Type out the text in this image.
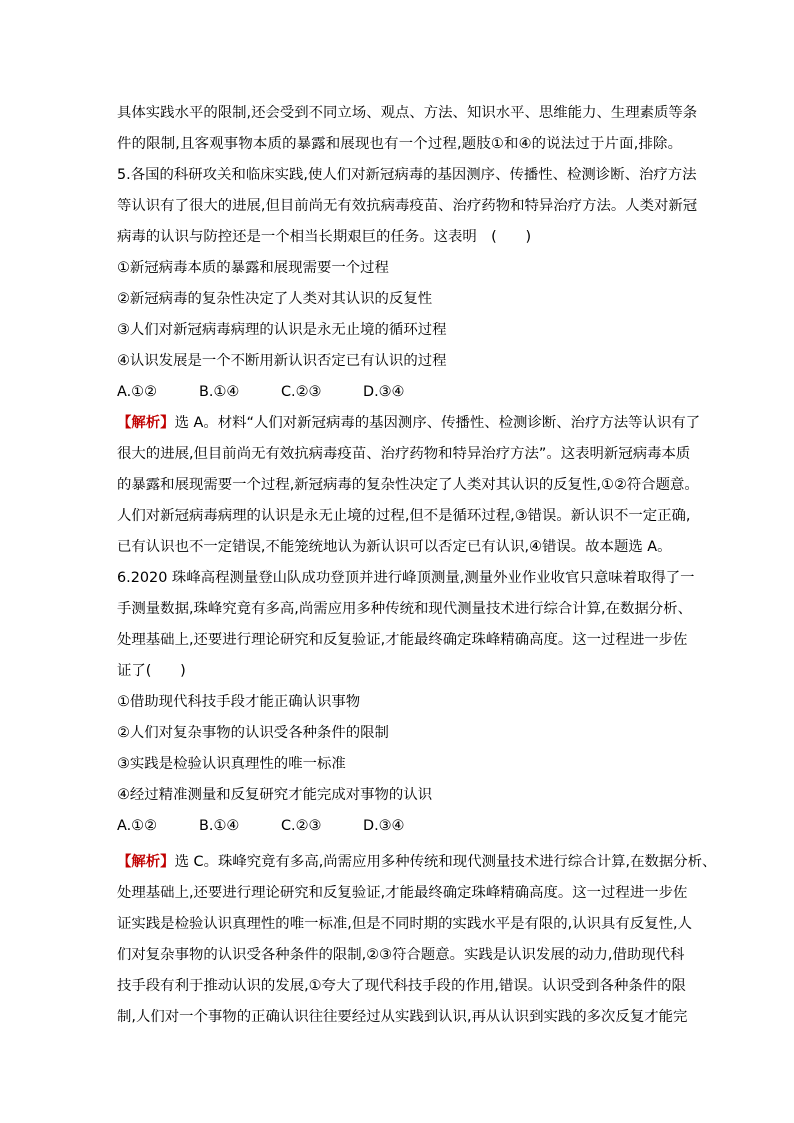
具体实践水平的限制,还会受到不同立场、观点、方法、知识水平、思维能力、生理素质等条
件的限制,且客观事物本质的暴露和展现也有一个过程,题肢①和④的说法过于片面,排除。
5.各国的科研攻关和临床实践,使人们对新冠病毒的基因测序、传播性、检测诊断、治疗方法
等认识有了很大的进展,但目前尚无有效抗病毒疫苗、治疗药物和特异治疗方法。人类对新冠
病毒的认识与防控还是一个相当长期艰巨的任务。这表明　(　　)
①新冠病毒本质的暴露和展现需要一个过程
②新冠病毒的复杂性决定了人类对其认识的反复性
③人们对新冠病毒病理的认识是永无止境的循环过程
④认识发展是一个不断用新认识否定已有认识的过程
A.①②	B.①④	C.②③	D.③④
【解析】选 A。材料“人们对新冠病毒的基因测序、传播性、检测诊断、治疗方法等认识有了
很大的进展,但目前尚无有效抗病毒疫苗、治疗药物和特异治疗方法”。这表明新冠病毒本质
的暴露和展现需要一个过程,新冠病毒的复杂性决定了人类对其认识的反复性,①②符合题意。
人们对新冠病毒病理的认识是永无止境的过程,但不是循环过程,③错误。新认识不一定正确,
已有认识也不一定错误,不能笼统地认为新认识可以否定已有认识,④错误。故本题选 A。
6.2020 珠峰高程测量登山队成功登顶并进行峰顶测量,测量外业作业收官只意味着取得了一
手测量数据,珠峰究竟有多高,尚需应用多种传统和现代测量技术进行综合计算,在数据分析、
处理基础上,还要进行理论研究和反复验证,才能最终确定珠峰精确高度。这一过程进一步佐
证了(　　)
①借助现代科技手段才能正确认识事物
②人们对复杂事物的认识受各种条件的限制
③实践是检验认识真理性的唯一标准
④经过精准测量和反复研究才能完成对事物的认识
A.①②	B.①④	C.②③	D.③④
【解析】选 C。珠峰究竟有多高,尚需应用多种传统和现代测量技术进行综合计算,在数据分析、
处理基础上,还要进行理论研究和反复验证,才能最终确定珠峰精确高度。这一过程进一步佐
证实践是检验认识真理性的唯一标准,但是不同时期的实践水平是有限的,认识具有反复性,人
们对复杂事物的认识受各种条件的限制,②③符合题意。实践是认识发展的动力,借助现代科
技手段有利于推动认识的发展,①夸大了现代科技手段的作用,错误。认识受到各种条件的限
制,人们对一个事物的正确认识往往要经过从实践到认识,再从认识到实践的多次反复才能完
